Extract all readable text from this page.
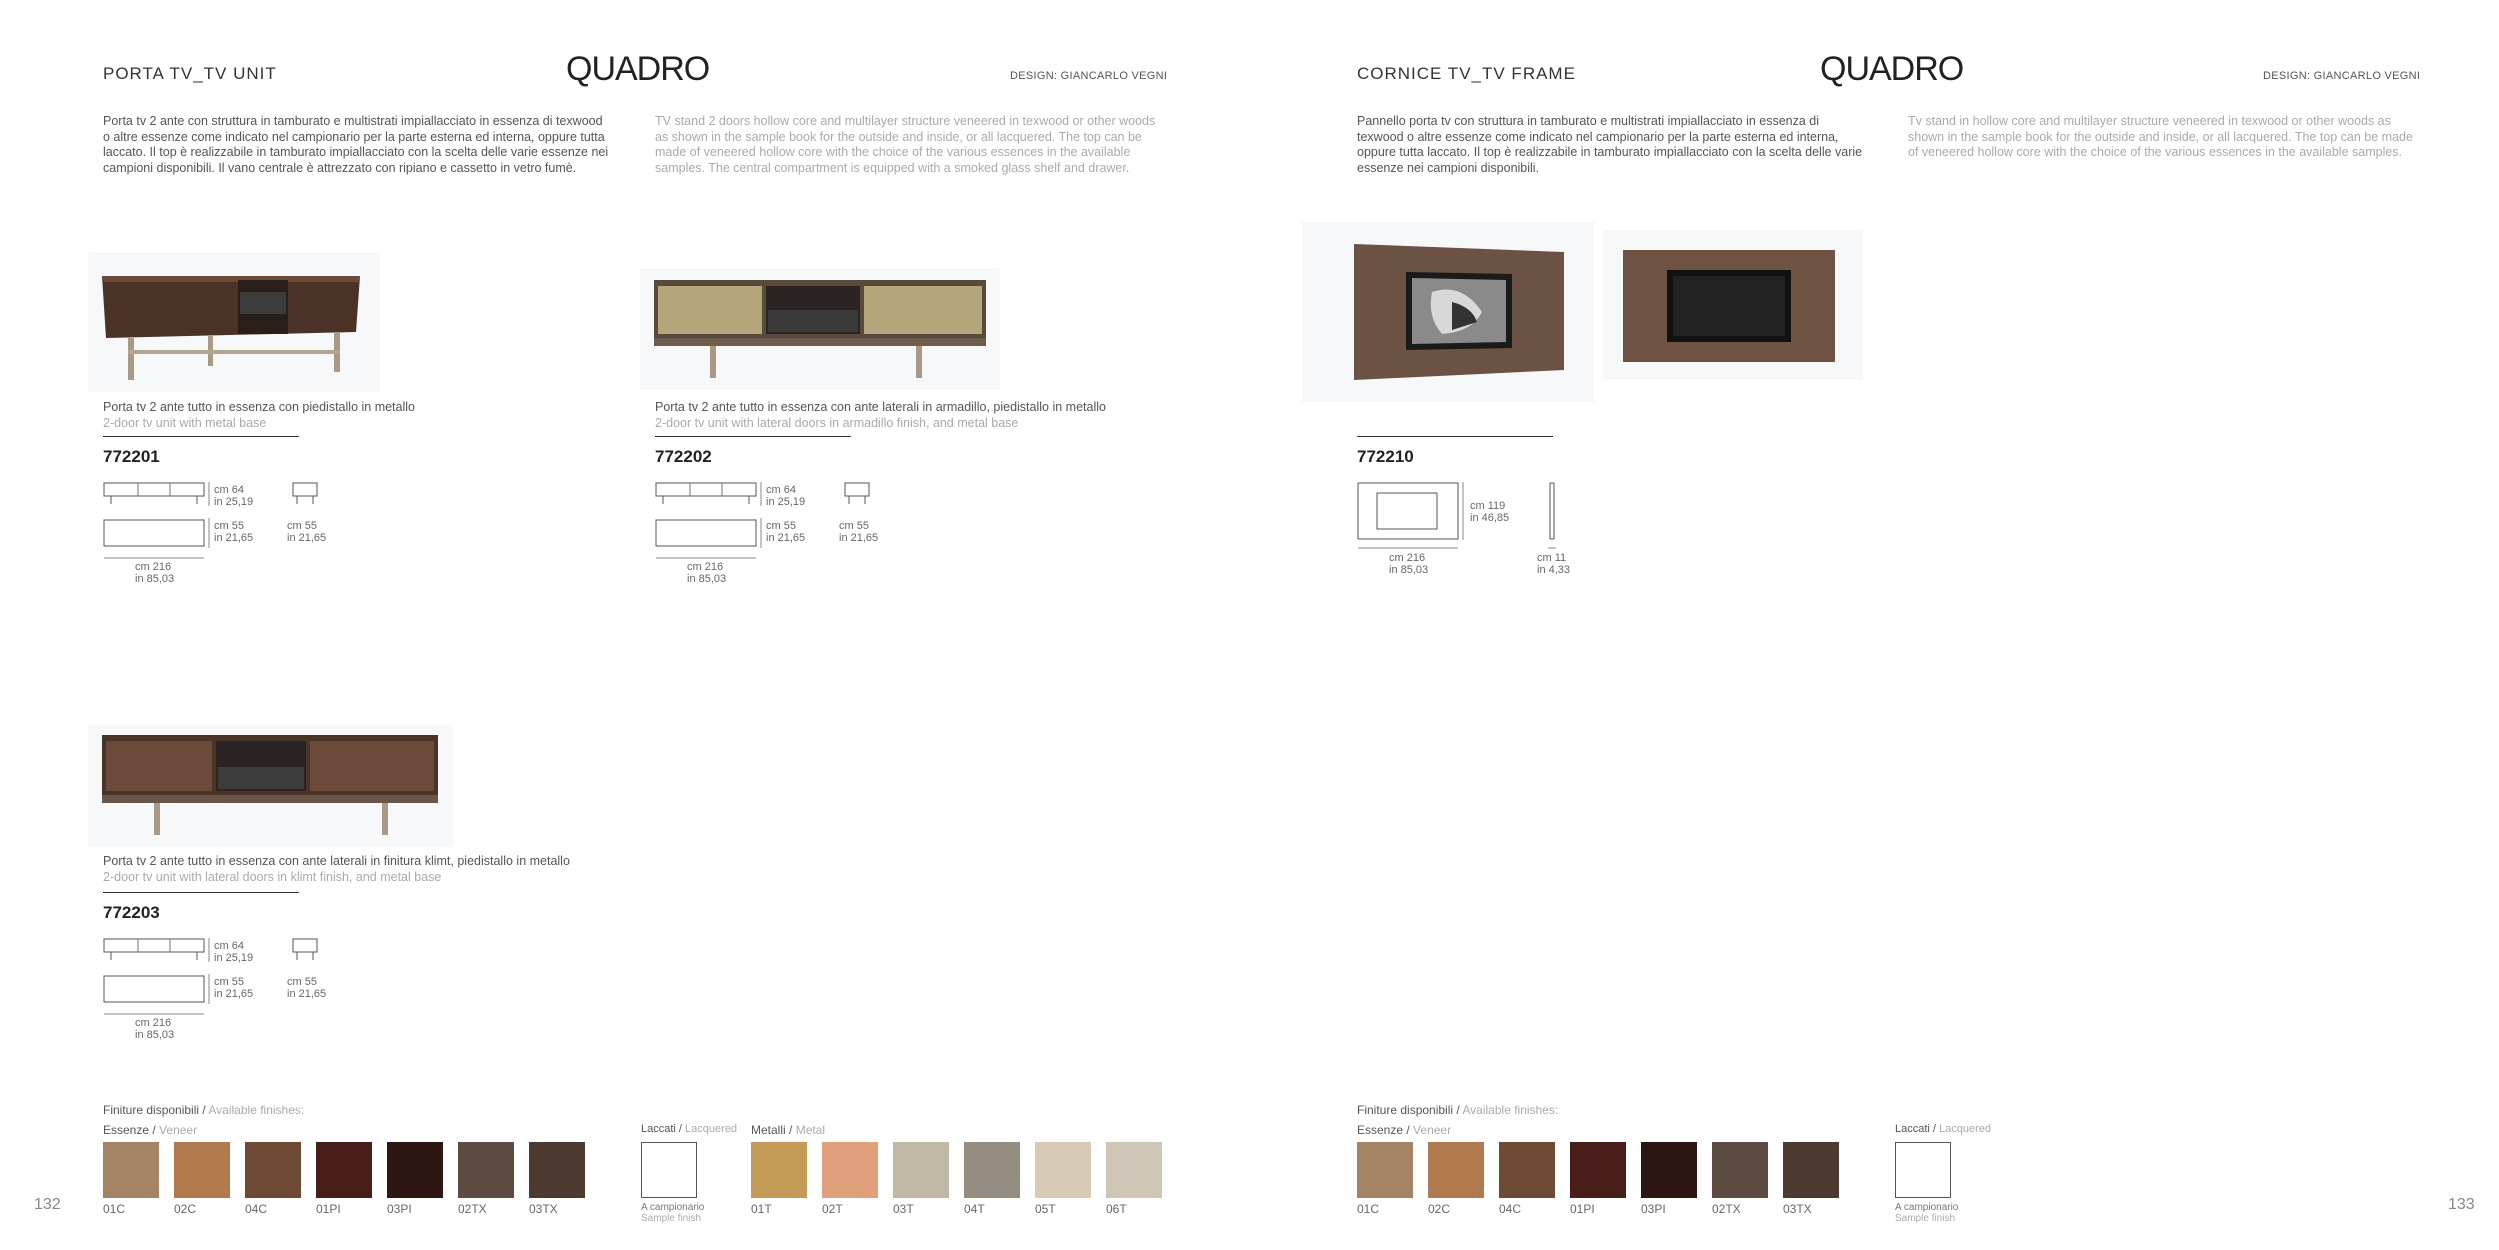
PORTA TV_TV UNIT	QUADRO	DESIGN: GIANCARLO VEGNI
Porta tv 2 ante con struttura in tamburato e multistrati impiallacciato in essenza di texwood o altre essenze come indicato nel campionario per la parte esterna ed interna, oppure tutta laccato. Il top è realizzabile in tamburato impiallacciato con la scelta delle varie essenze nei campioni disponibili. Il vano centrale è attrezzato con ripiano e cassetto in vetro fumè.
TV stand 2 doors hollow core and multilayer structure veneered in texwood or other woods as shown in the sample book for the outside and inside, or all lacquered. The top can be made of veneered hollow core with the choice of the various essences in the available samples. The central compartment is equipped with a smoked glass shelf and drawer.
Porta tv 2 ante tutto in essenza con piedistallo in metallo
2-door tv unit with metal base
772201
cm 64
in 25,19
cm 55
in 21,65
cm 55
in 21,65
cm 216
in 85,03
Porta tv 2 ante tutto in essenza con ante laterali in armadillo, piedistallo in metallo
2-door tv unit with lateral doors in armadillo finish, and metal base
772202
cm 64
in 25,19
cm 55
in 21,65
cm 55
in 21,65
cm 216
in 85,03
Porta tv 2 ante tutto in essenza con ante laterali in finitura klimt, piedistallo in metallo
2-door tv unit with lateral doors in klimt finish, and metal base
772203
cm 64
in 25,19
cm 55
in 21,65
cm 55
in 21,65
cm 216
in 85,03
Finiture disponibili / Available finishes:
Essenze / Veneer	Laccati / Lacquered Metalli / Metal
01C	02C	04C	01PI	03PI	02TX	03TX	A campionario
Sample finish
01T	02T	03T	04T	05T	06T
132
CORNICE TV_TV FRAME	QUADRO	DESIGN: GIANCARLO VEGNI
Pannello porta tv con struttura in tamburato e multistrati impiallacciato in essenza di texwood o altre essenze come indicato nel campionario per la parte esterna ed interna, oppure tutta laccato. Il top è realizzabile in tamburato impiallacciato con la scelta delle varie essenze nei campioni disponibili.
Tv stand in hollow core and multilayer structure veneered in texwood or other woods as shown in the sample book for the outside and inside, or all lacquered. The top can be made of veneered hollow core with the choice of the various essences in the available samples.
772210
cm 119
in 46,85
cm 216
in 85,03
cm 11
in 4,33
Finiture disponibili / Available finishes:
Essenze / Veneer	Laccati / Lacquered
01C	02C	04C	01PI	03PI	02TX	03TX	A campionario
Sample finish
133
